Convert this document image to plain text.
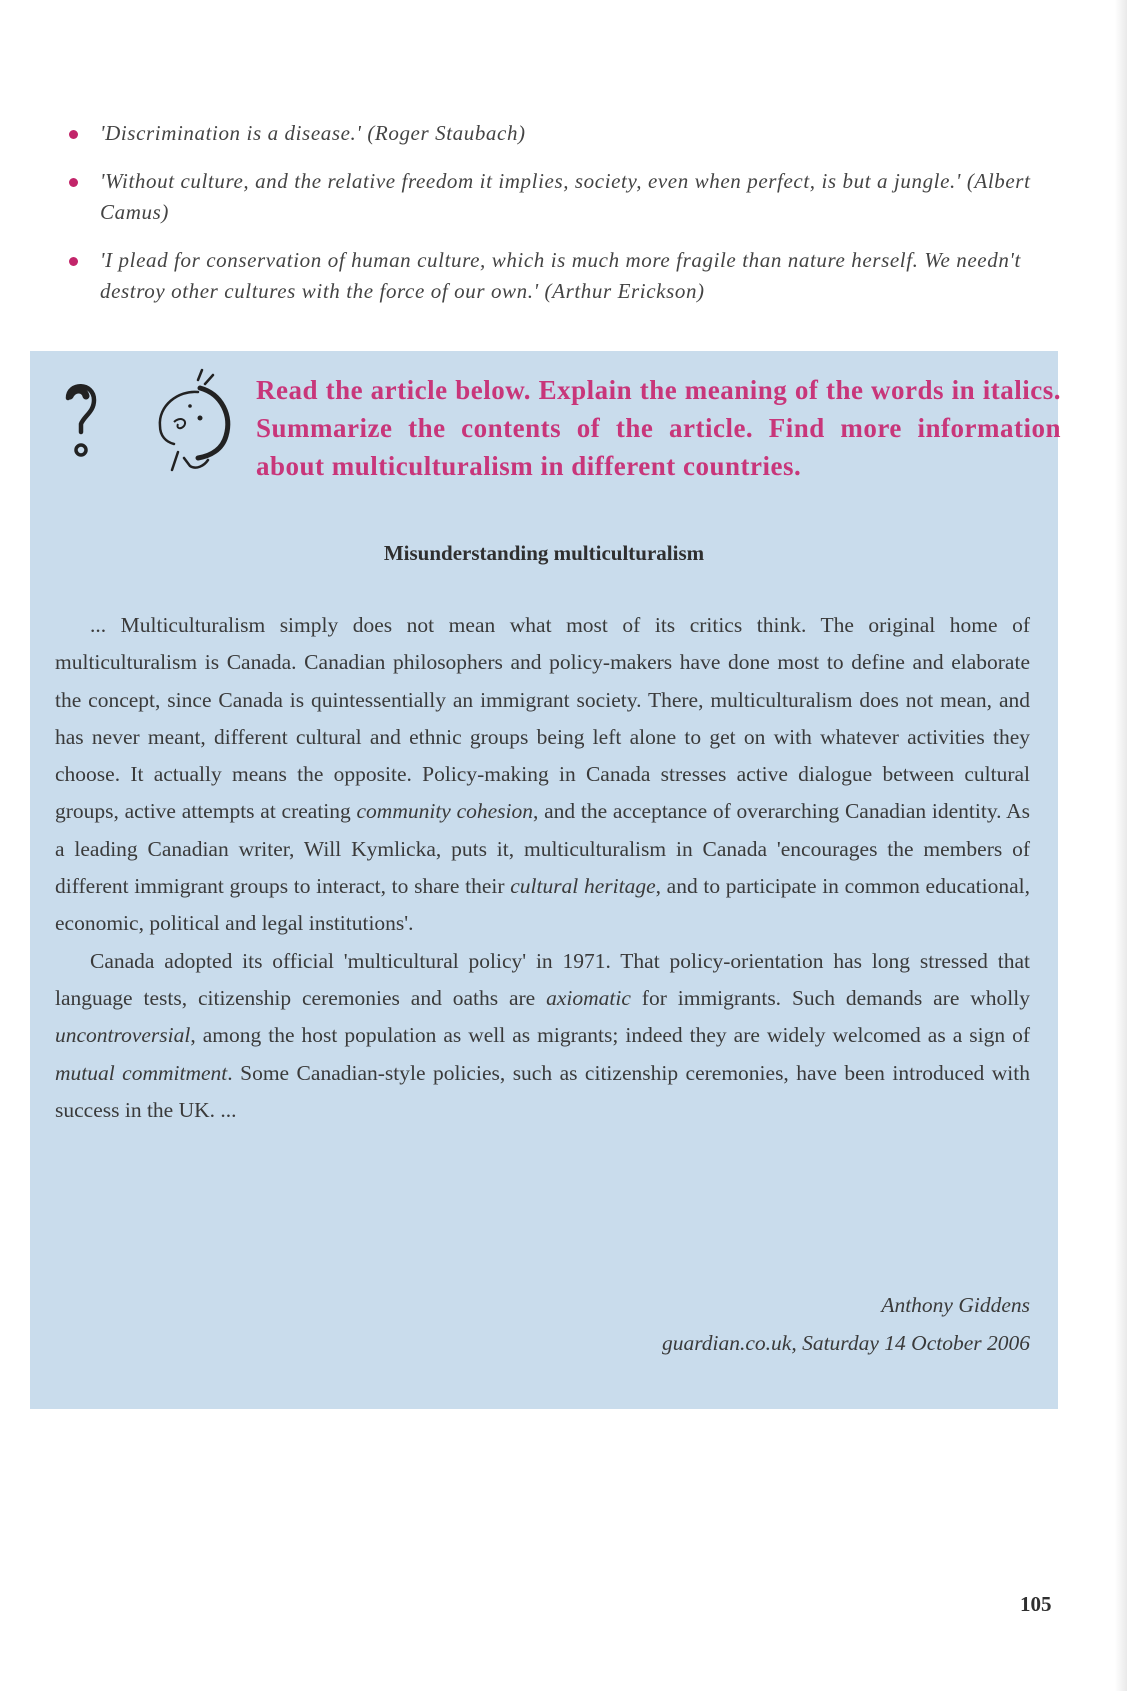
'Discrimination is a disease.' (Roger Staubach)
'Without culture, and the relative freedom it implies, society, even when perfect, is but a jungle.' (Albert Camus)
'I plead for conservation of human culture, which is much more fragile than nature herself. We needn't destroy other cultures with the force of our own.' (Arthur Erickson)

Read the article below. Explain the meaning of the words in italics. Summarize the contents of the article. Find more information about multiculturalism in different countries.

Misunderstanding multiculturalism

... Multiculturalism simply does not mean what most of its critics think. The original home of multiculturalism is Canada. Canadian philosophers and policy-makers have done most to define and elaborate the concept, since Canada is quintessentially an immigrant society. There, multiculturalism does not mean, and has never meant, different cultural and ethnic groups being left alone to get on with whatever activities they choose. It actually means the opposite. Policy-making in Canada stresses active dialogue between cultural groups, active attempts at creating community cohesion, and the acceptance of overarching Canadian identity. As a leading Canadian writer, Will Kymlicka, puts it, multiculturalism in Canada 'encourages the members of different immigrant groups to interact, to share their cultural heritage, and to participate in common educational, economic, political and legal institutions'.

Canada adopted its official 'multicultural policy' in 1971. That policy-orientation has long stressed that language tests, citizenship ceremonies and oaths are axiomatic for immigrants. Such demands are wholly uncontroversial, among the host population as well as migrants; indeed they are widely welcomed as a sign of mutual commitment. Some Canadian-style policies, such as citizenship ceremonies, have been introduced with success in the UK. ...

Anthony Giddens
guardian.co.uk, Saturday 14 October 2006
105
